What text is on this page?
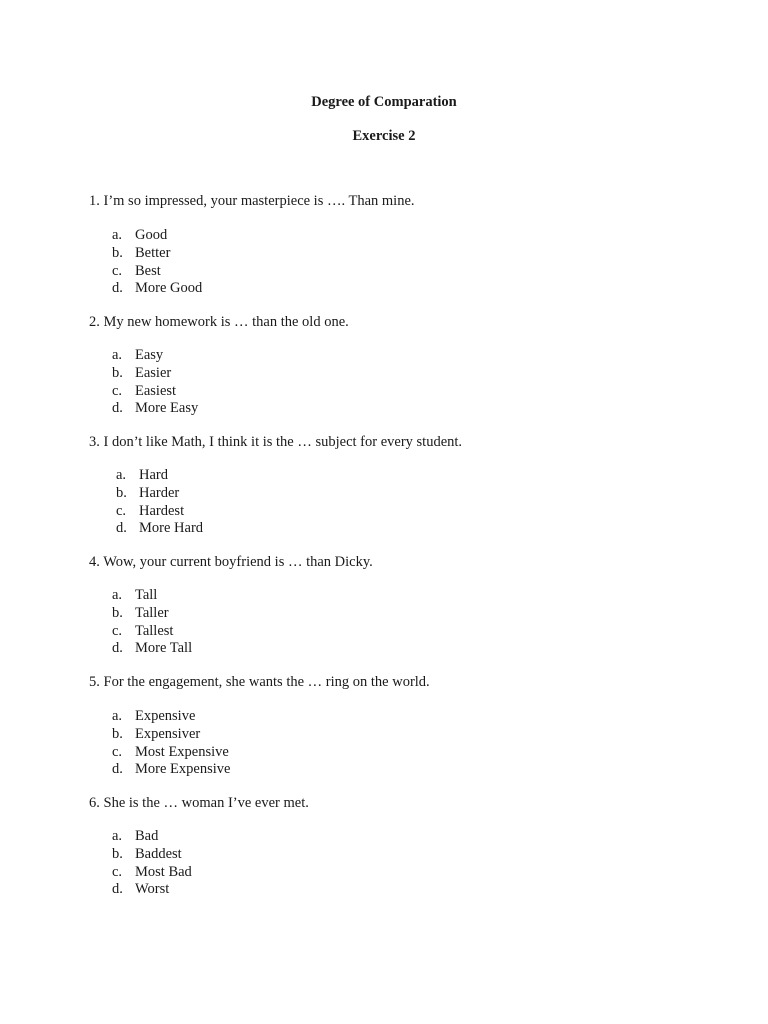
Degree of Comparation

Exercise 2

1. I’m so impressed, your masterpiece is …. Than mine.

a. Good
b. Better
c. Best
d. More Good

2. My new homework is … than the old one.

a. Easy
b. Easier
c. Easiest
d. More Easy

3. I don’t like Math, I think it is the … subject for every student.

a. Hard
b. Harder
c. Hardest
d. More Hard

4. Wow, your current boyfriend is … than Dicky.

a. Tall
b. Taller
c. Tallest
d. More Tall

5. For the engagement, she wants the … ring on the world.

a. Expensive
b. Expensiver
c. Most Expensive
d. More Expensive

6. She is the … woman I’ve ever met.

a. Bad
b. Baddest
c. Most Bad
d. Worst
